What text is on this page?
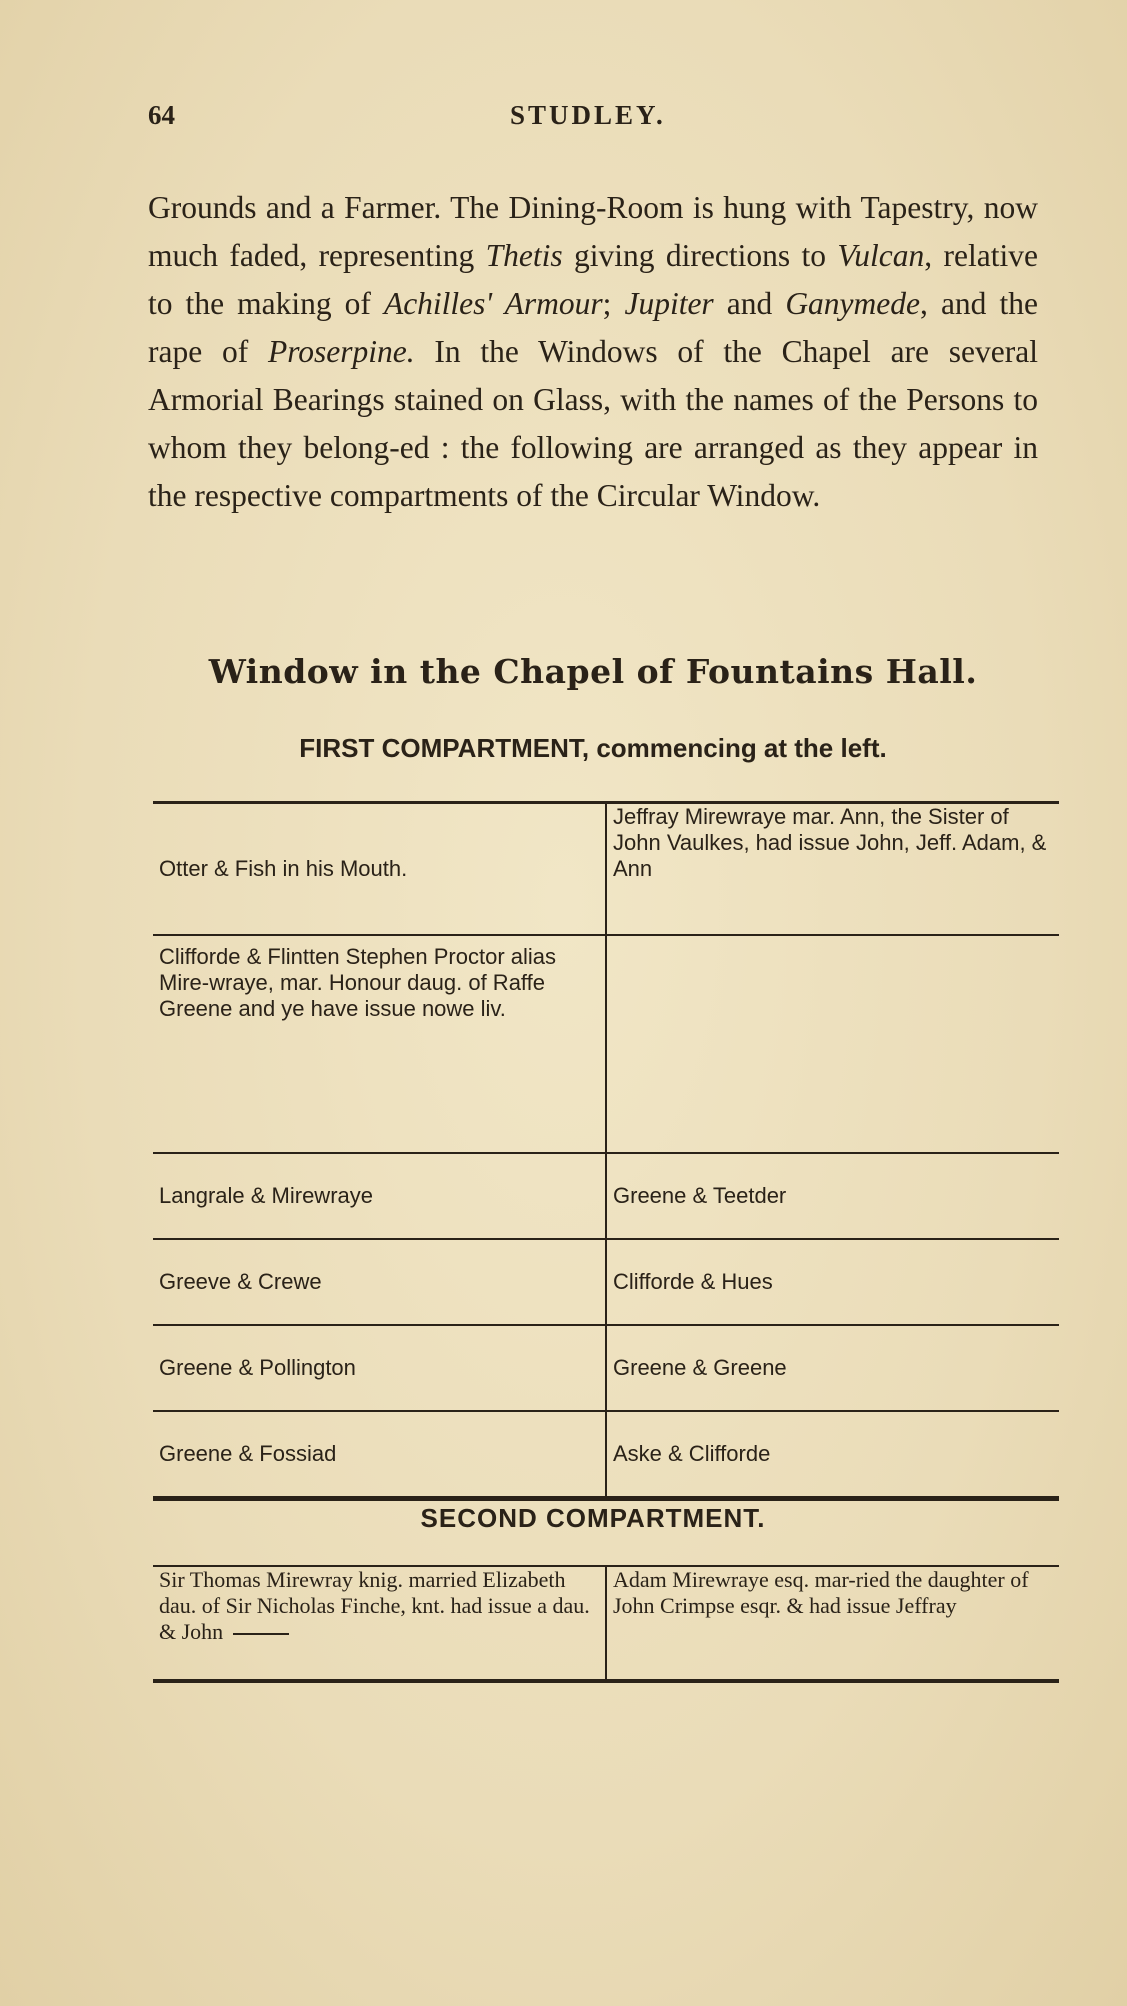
64	STUDLEY.

Grounds and a Farmer. The Dining-Room is hung with Tapestry, now much faded, representing Thetis giving directions to Vulcan, relative to the making of Achilles' Armour; Jupiter and Ganymede, and the rape of Proserpine. In the Windows of the Chapel are several Armorial Bearings stained on Glass, with the names of the Persons to whom they belong-ed : the following are arranged as they appear in the respective compartments of the Circular Window.

Window in the Chapel of Fountains Hall.
FIRST COMPARTMENT, commencing at the left.
Otter & Fish in his Mouth.	Jeffray Mirewraye mar. Ann, the Sister of John Vaulkes, had issue John, Jeff. Adam, & Ann
Cliffordе & Flintten Stephen Proctor alias Mire-wraye, mar. Honour daug. of Raffe Greene and ye have issue nowe liv.	
Langrale & Mirewraye	Greene & Teetder
Greeve & Crewe	Clifforde & Hues
Greene & Pollington	Greene & Greene
Greene & Fossiad	Aske & Clifforde
SECOND COMPARTMENT.
Sir Thomas Mirewray knig. married Elizabeth dau. of Sir Nicholas Finche, knt. had issue a dau. & John	Adam Mirewraye esq. mar-ried the daughter of John Crimpse esqr. & had issue Jeffray
